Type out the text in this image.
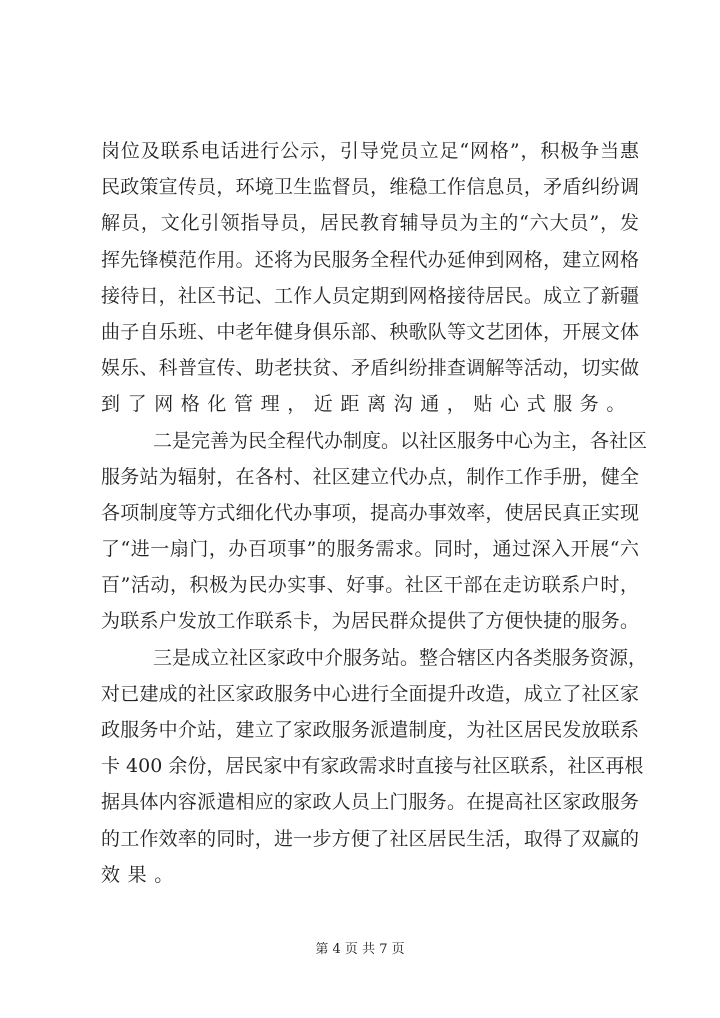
岗位及联系电话进行公示，引导党员立足“网格”，积极争当惠
民政策宣传员，环境卫生监督员，维稳工作信息员，矛盾纠纷调
解员，文化引领指导员，居民教育辅导员为主的“六大员”，发
挥先锋模范作用。还将为民服务全程代办延伸到网格，建立网格
接待日，社区书记、工作人员定期到网格接待居民。成立了新疆
曲子自乐班、中老年健身俱乐部、秧歌队等文艺团体，开展文体
娱乐、科普宣传、助老扶贫、矛盾纠纷排查调解等活动，切实做
到了网格化管理，近距离沟通，贴心式服务。
二是完善为民全程代办制度。以社区服务中心为主，各社区
服务站为辐射，在各村、社区建立代办点，制作工作手册，健全
各项制度等方式细化代办事项，提高办事效率，使居民真正实现
了“进一扇门，办百项事”的服务需求。同时，通过深入开展“六
百”活动，积极为民办实事、好事。社区干部在走访联系户时，
为联系户发放工作联系卡，为居民群众提供了方便快捷的服务。
三是成立社区家政中介服务站。整合辖区内各类服务资源，
对已建成的社区家政服务中心进行全面提升改造，成立了社区家
政服务中介站，建立了家政服务派遣制度，为社区居民发放联系
卡 400 余份，居民家中有家政需求时直接与社区联系，社区再根
据具体内容派遣相应的家政人员上门服务。在提高社区家政服务
的工作效率的同时，进一步方便了社区居民生活，取得了双赢的
效果。
第 4 页 共 7 页
